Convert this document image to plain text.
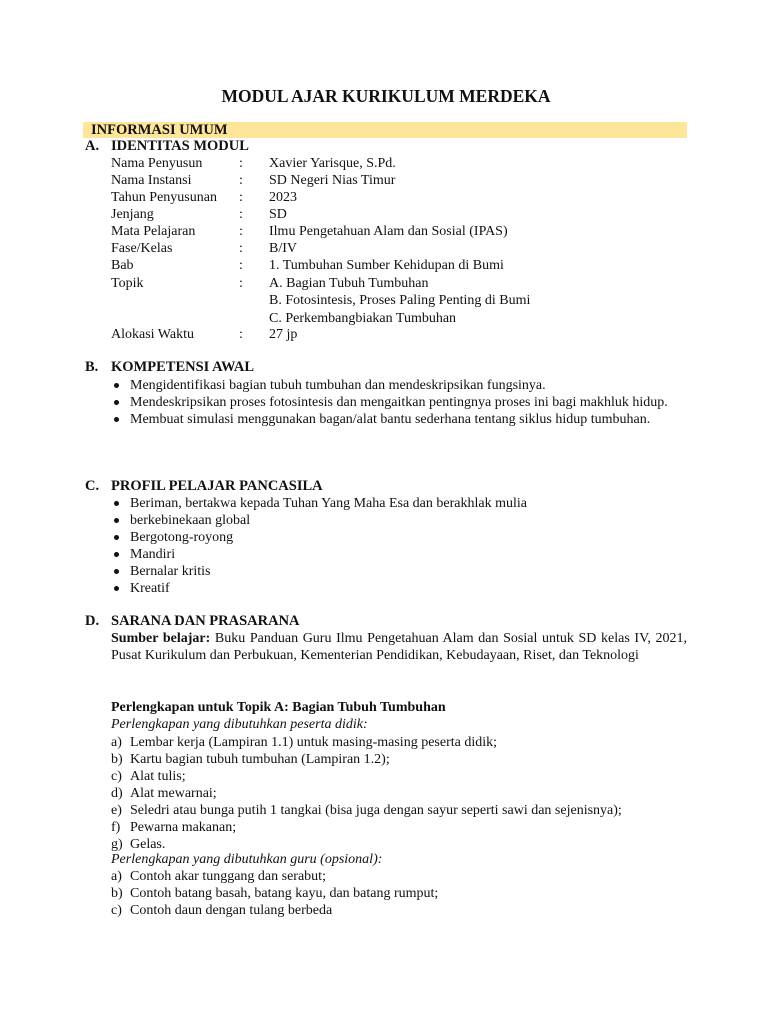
MODUL AJAR KURIKULUM MERDEKA
INFORMASI UMUM
A. IDENTITAS MODUL
Nama Penyusun	: Xavier Yarisque, S.Pd.
Nama Instansi	: SD Negeri Nias Timur
Tahun Penyusunan : 2023
Jenjang	: SD
Mata Pelajaran	: Ilmu Pengetahuan Alam dan Sosial (IPAS)
Fase/Kelas	: B/IV
Bab	: 1. Tumbuhan Sumber Kehidupan di Bumi
Topik	: A. Bagian Tubuh Tumbuhan
B. Fotosintesis, Proses Paling Penting di Bumi
C. Perkembangbiakan Tumbuhan
Alokasi Waktu	: 27 jp
B. KOMPETENSI AWAL
Mengidentifikasi bagian tubuh tumbuhan dan mendeskripsikan fungsinya.
Mendeskripsikan proses fotosintesis dan mengaitkan pentingnya proses ini bagi makhluk hidup.
Membuat simulasi menggunakan bagan/alat bantu sederhana tentang siklus hidup tumbuhan.
C. PROFIL PELAJAR PANCASILA
Beriman, bertakwa kepada Tuhan Yang Maha Esa dan berakhlak mulia
berkebinekaan global
Bergotong-royong
Mandiri
Bernalar kritis
Kreatif
D. SARANA DAN PRASARANA
Sumber belajar: Buku Panduan Guru Ilmu Pengetahuan Alam dan Sosial untuk SD kelas IV, 2021, Pusat Kurikulum dan Perbukuan, Kementerian Pendidikan, Kebudayaan, Riset, dan Teknologi
Perlengkapan untuk Topik A: Bagian Tubuh Tumbuhan
Perlengkapan yang dibutuhkan peserta didik:
a) Lembar kerja (Lampiran 1.1) untuk masing-masing peserta didik;
b) Kartu bagian tubuh tumbuhan (Lampiran 1.2);
c) Alat tulis;
d) Alat mewarnai;
e) Seledri atau bunga putih 1 tangkai (bisa juga dengan sayur seperti sawi dan sejenisnya);
f) Pewarna makanan;
g) Gelas.
Perlengkapan yang dibutuhkan guru (opsional):
a) Contoh akar tunggang dan serabut;
b) Contoh batang basah, batang kayu, dan batang rumput;
c) Contoh daun dengan tulang berbeda
